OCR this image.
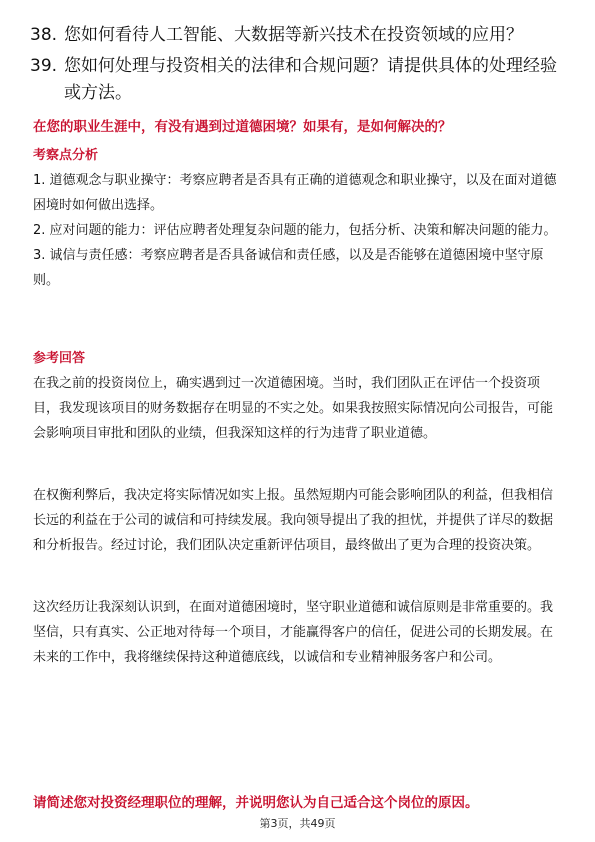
38. 您如何看待人工智能、大数据等新兴技术在投资领域的应用？
39. 您如何处理与投资相关的法律和合规问题？请提供具体的处理经验或方法。
在您的职业生涯中，有没有遇到过道德困境？如果有，是如何解决的？
考察点分析

1. 道德观念与职业操守：考察应聘者是否具有正确的道德观念和职业操守，以及在面对道德困境时如何做出选择。

2. 应对问题的能力：评估应聘者处理复杂问题的能力，包括分析、决策和解决问题的能力。

3. 诚信与责任感：考察应聘者是否具备诚信和责任感，以及是否能够在道德困境中坚守原则。

参考回答

在我之前的投资岗位上，确实遇到过一次道德困境。当时，我们团队正在评估一个投资项目，我发现该项目的财务数据存在明显的不实之处。如果我按照实际情况向公司报告，可能会影响项目审批和团队的业绩，但我深知这样的行为违背了职业道德。

在权衡利弊后，我决定将实际情况如实上报。虽然短期内可能会影响团队的利益，但我相信长远的利益在于公司的诚信和可持续发展。我向领导提出了我的担忧，并提供了详尽的数据和分析报告。经过讨论，我们团队决定重新评估项目，最终做出了更为合理的投资决策。

这次经历让我深刻认识到，在面对道德困境时，坚守职业道德和诚信原则是非常重要的。我坚信，只有真实、公正地对待每一个项目，才能赢得客户的信任，促进公司的长期发展。在未来的工作中，我将继续保持这种道德底线，以诚信和专业精神服务客户和公司。

请简述您对投资经理职位的理解，并说明您认为自己适合这个岗位的原因。
第3页，共49页
